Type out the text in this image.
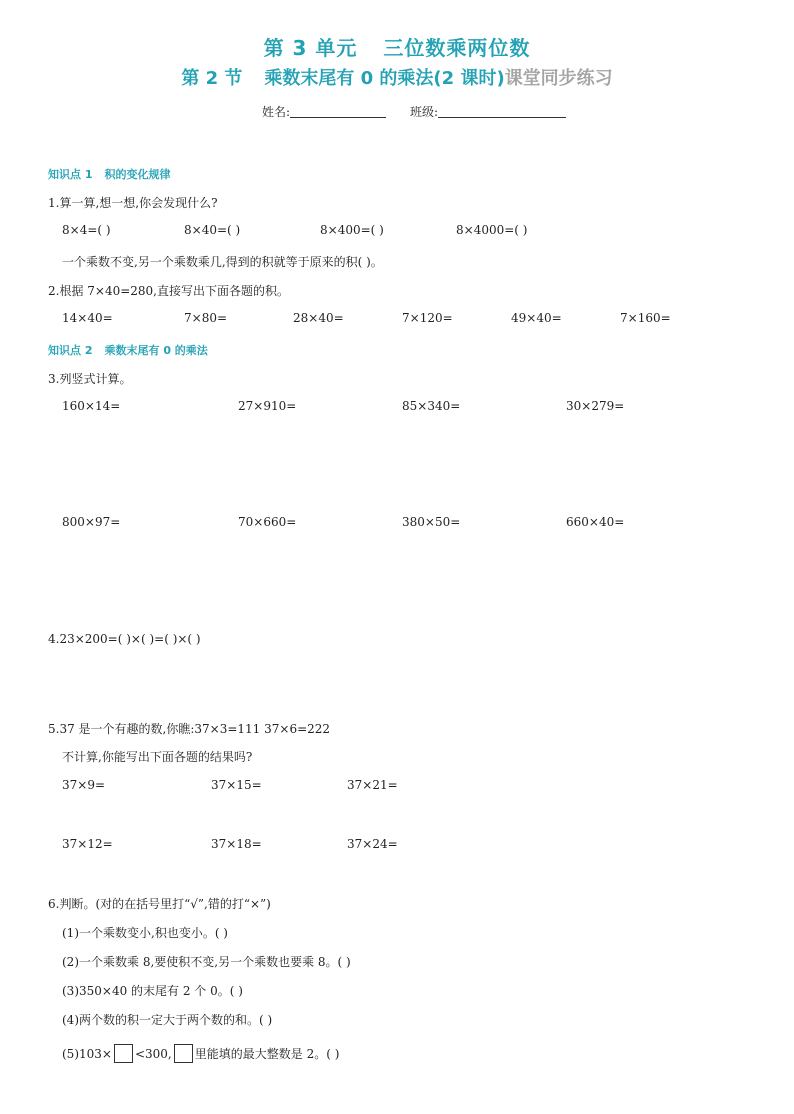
第 3 单元 三位数乘两位数
第 2 节 乘数末尾有 0 的乘法(2 课时)课堂同步练习
姓名:	班级:
知识点 1 积的变化规律
1.算一算,想一想,你会发现什么?
8×4=( )	8×40=( )	8×400=( )	8×4000=( )
一个乘数不变,另一个乘数乘几,得到的积就等于原来的积( )。
2.根据 7×40=280,直接写出下面各题的积。
14×40=	7×80=	28×40=	7×120=	49×40=	7×160=
知识点 2 乘数末尾有 0 的乘法
3.列竖式计算。
160×14=	27×910=	85×340=	30×279=
800×97=	70×660=	380×50=	660×40=
4.23×200=( )×( )=( )×( )
5.37 是一个有趣的数,你瞧:37×3=111 37×6=222
不计算,你能写出下面各题的结果吗?
37×9=	37×15=	37×21=
37×12=	37×18=	37×24=
6.判断。(对的在括号里打“√”,错的打“×”)
(1)一个乘数变小,积也变小。( )
(2)一个乘数乘 8,要使积不变,另一个乘数也要乘 8。( )
(3)350×40 的末尾有 2 个 0。( )
(4)两个数的积一定大于两个数的和。( )
(5)103× <300, 里能填的最大整数是 2。( )
